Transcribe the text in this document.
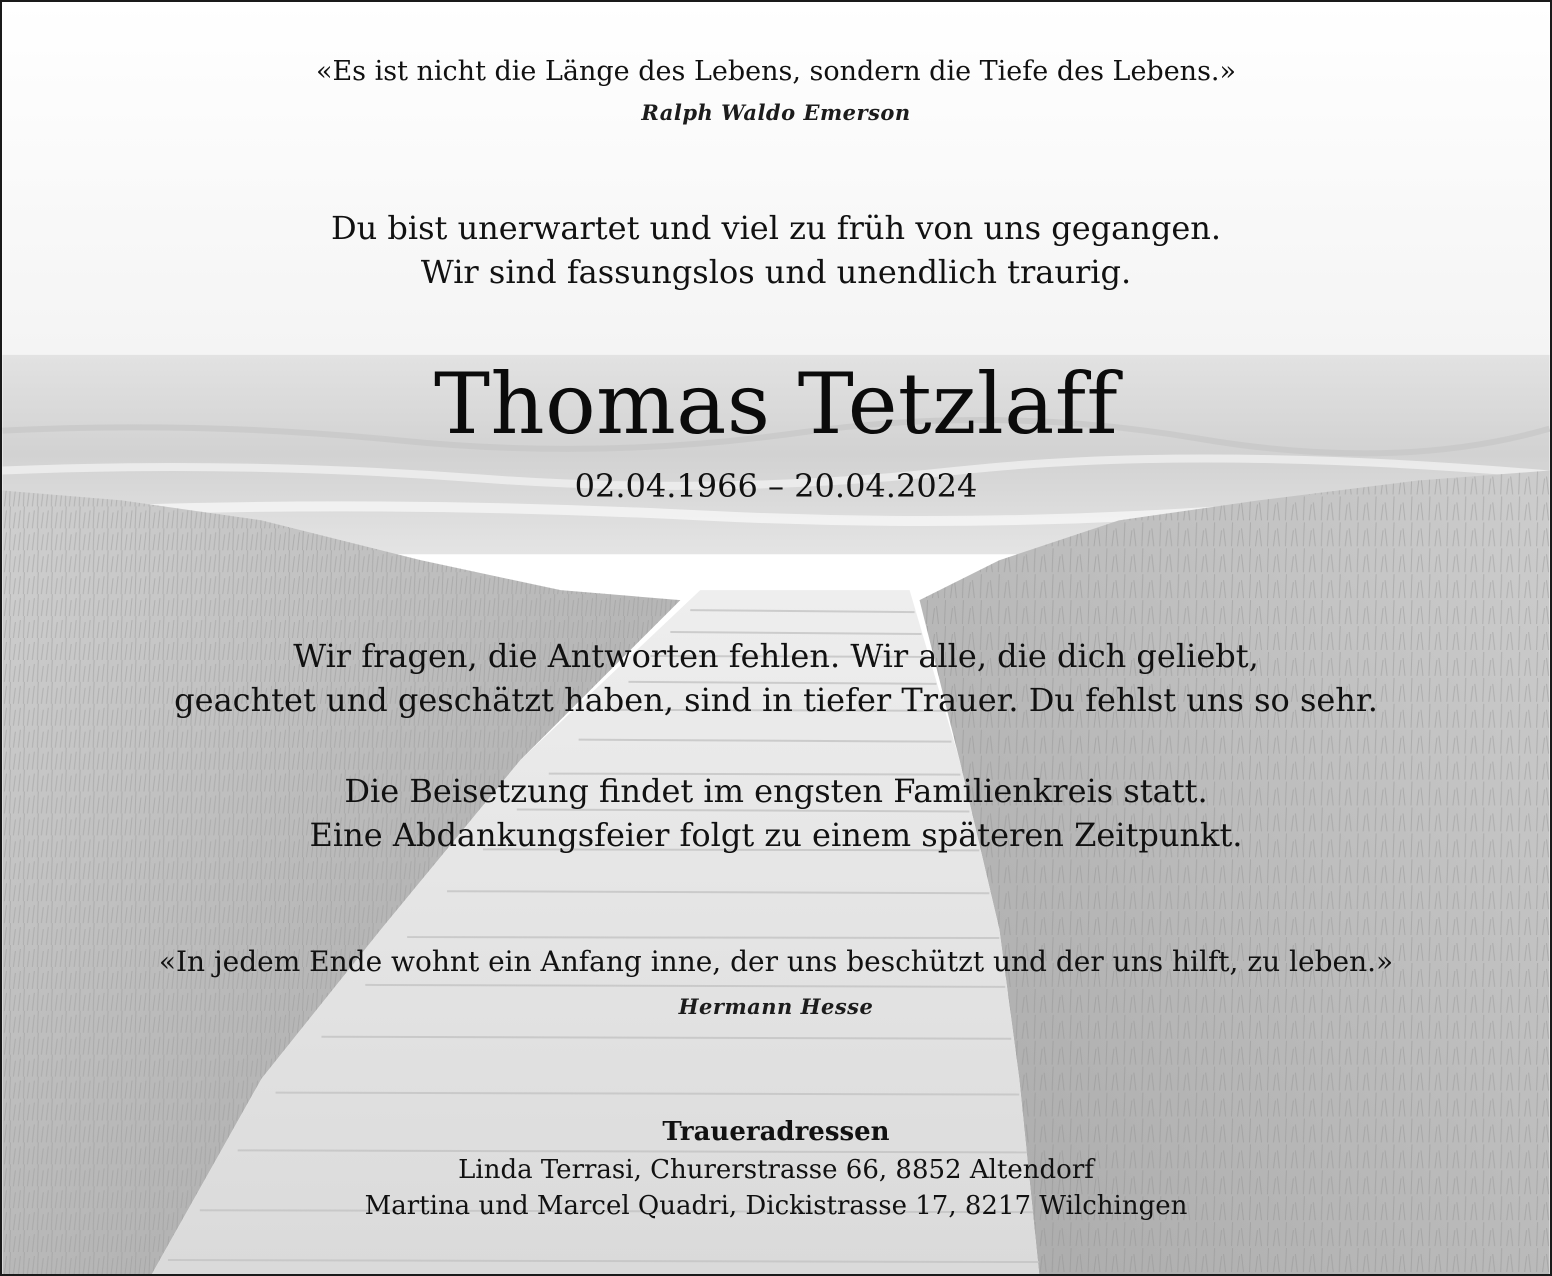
«Es ist nicht die Länge des Lebens, sondern die Tiefe des Lebens.»

Ralph Waldo Emerson

Du bist unerwartet und viel zu früh von uns gegangen.
Wir sind fassungslos und unendlich traurig.
Thomas Tetzlaff

02.04.1966 – 20.04.2024

Wir fragen, die Antworten fehlen. Wir alle, die dich geliebt,
geachtet und geschätzt haben, sind in tiefer Trauer. Du fehlst uns so sehr.
Die Beisetzung findet im engsten Familienkreis statt.
Eine Abdankungsfeier folgt zu einem späteren Zeitpunkt.

«In jedem Ende wohnt ein Anfang inne, der uns beschützt und der uns hilft, zu leben.»

Hermann Hesse

Traueradressen

Linda Terrasi, Churerstrasse 66, 8852 Altendorf
Martina und Marcel Quadri, Dickistrasse 17, 8217 Wilchingen
